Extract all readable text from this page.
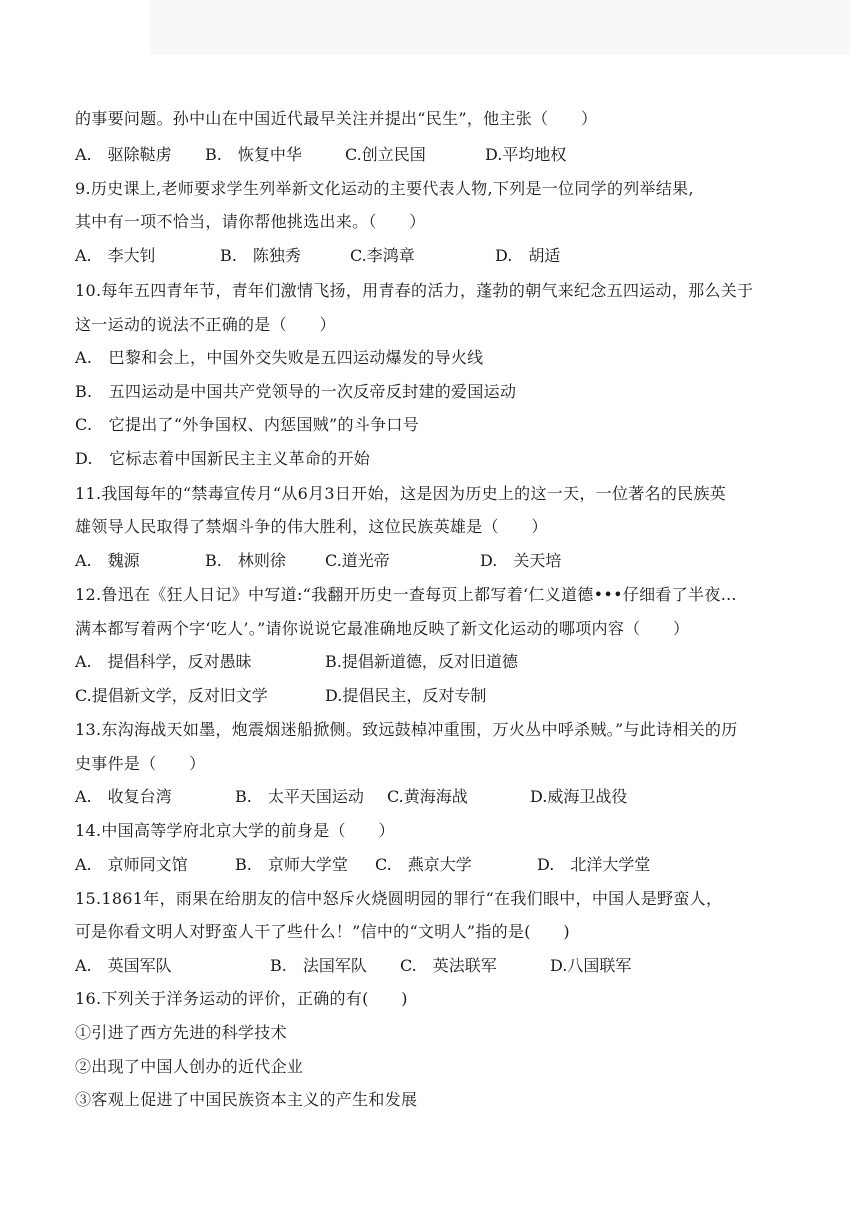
的事要问题。孙中山在中国近代最早关注并提出“民生”，他主张（　　）
A.　驱除鞑虏 B.　恢复中华	C.创立民国	D.平均地权
9.历史课上,老师要求学生列举新文化运动的主要代表人物,下列是一位同学的列举结果,
其中有一项不恰当，请你帮他挑选出来。（　　）
A.　李大钊	B.　陈独秀	C.李鸿章	D.　胡适
10.每年五四青年节，青年们激情飞扬，用青春的活力，蓬勃的朝气来纪念五四运动，那么关于
这一运动的说法不正确的是（　　）
A.　巴黎和会上，中国外交失败是五四运动爆发的导火线
B.　五四运动是中国共产党领导的一次反帝反封建的爱国运动
C.　它提出了“外争国权、内惩国贼”的斗争口号
D.　它标志着中国新民主主义革命的开始
11.我国每年的“禁毒宣传月“从6月3日开始，这是因为历史上的这一天，一位著名的民族英
雄领导人民取得了禁烟斗争的伟大胜利，这位民族英雄是（　　）
A.　魏源	B.　林则徐 C.道光帝	D.　关天培
12.鲁迅在《狂人日记》中写道:“我翻开历史一查每页上都写着‘仁义道德•••仔细看了半夜…
满本都写着两个字‘吃人’。”请你说说它最准确地反映了新文化运动的哪项内容（　　）
A.　提倡科学，反对愚昧	B.提倡新道德，反对旧道德
C.提倡新文学，反对旧文学	D.提倡民主，反对专制
13.东沟海战天如墨，炮震烟迷船掀侧。致远鼓棹冲重围，万火丛中呼杀贼。”与此诗相关的历
史事件是（　　）
A.　收复台湾	B.　太平天国运动 C.黄海海战	D.威海卫战役
14.中国高等学府北京大学的前身是（　　）
A.　京师同文馆	B.　京师大学堂 C.　燕京大学	D.　北洋大学堂
15.1861年，雨果在给朋友的信中怒斥火烧圆明园的罪行“在我们眼中，中国人是野蛮人，
可是你看文明人对野蛮人干了些什么！”信中的“文明人”指的是(　　)
A.　英国军队	B.　法国军队 C.　英法联军	D.八国联军
16.下列关于洋务运动的评价，正确的有(　　)
①引进了西方先进的科学技术
②出现了中国人创办的近代企业
③客观上促进了中国民族资本主义的产生和发展
